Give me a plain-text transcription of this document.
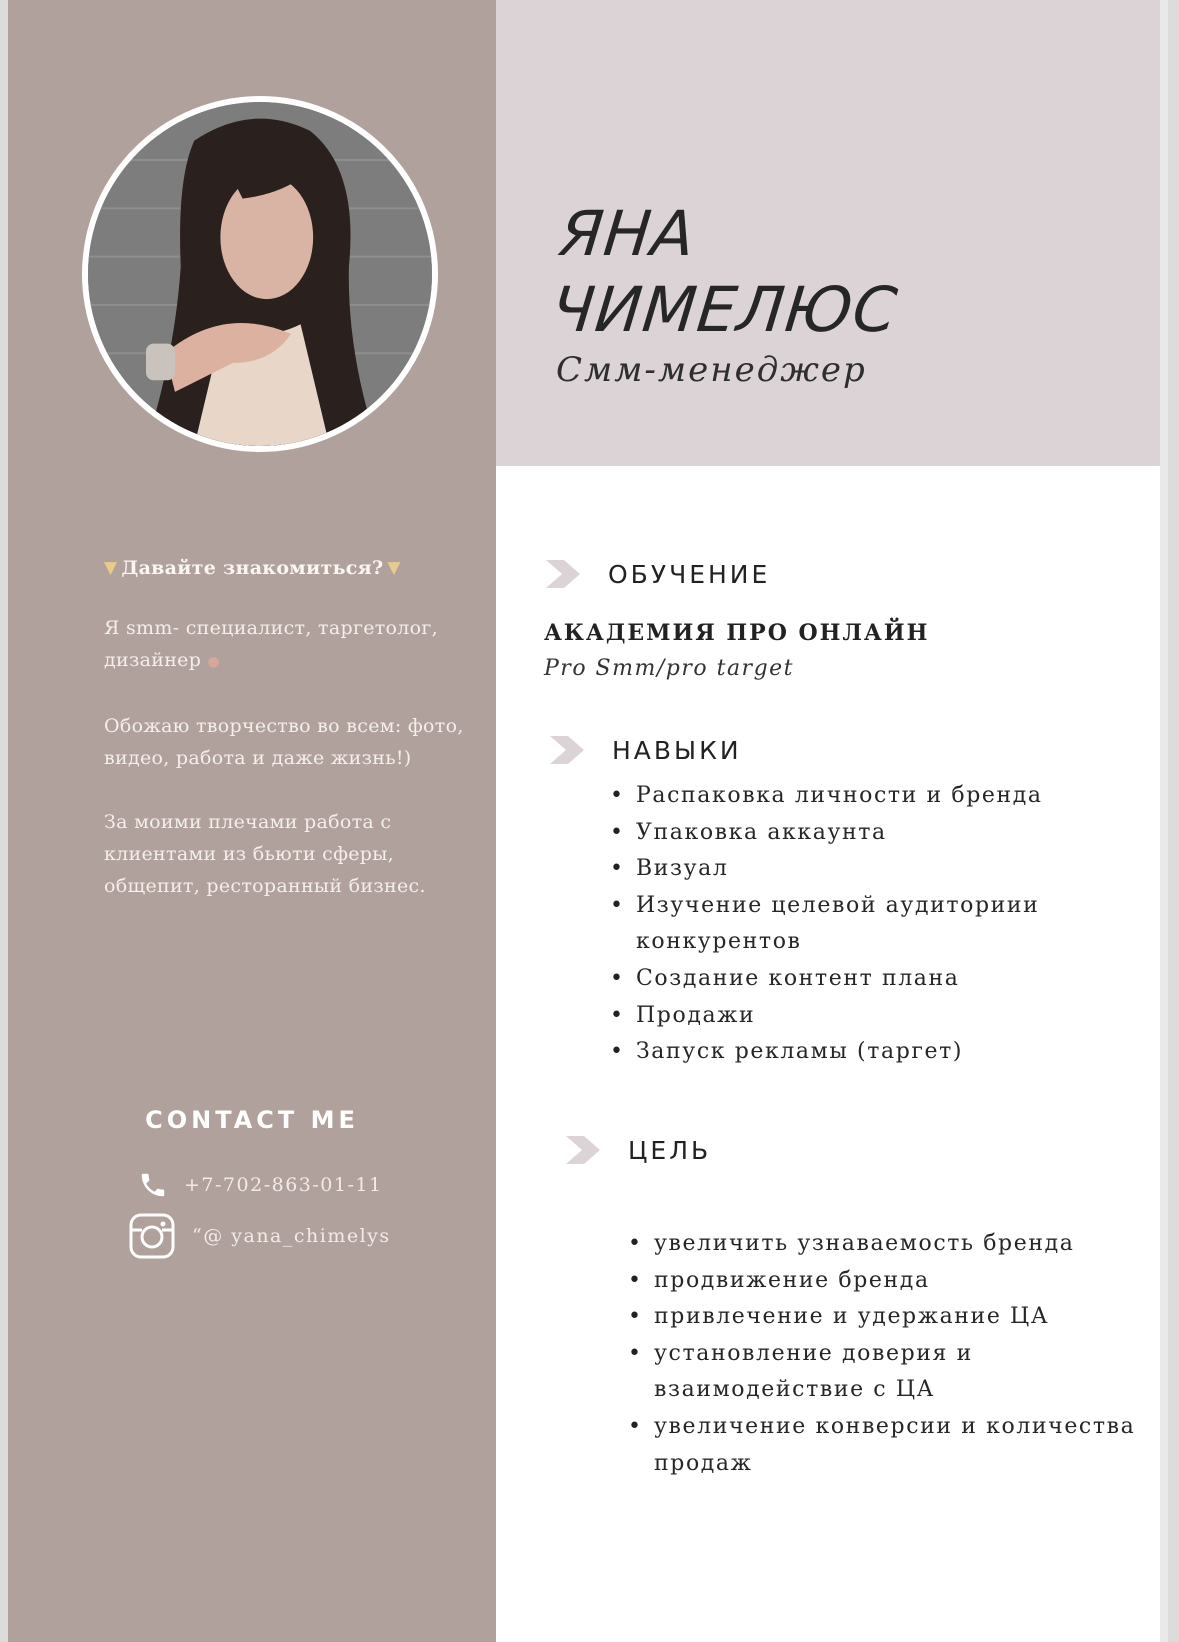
ЯНА
ЧИМЕЛЮС
Смм-менеджер
▼ Давайте знакомиться? ▼

Я smm- специалист, таргетолог, дизайнер ●

Обожаю творчество во всем: фото, видео, работа и даже жизнь!)

За моими плечами работа с клиентами из бьюти сферы, общепит, ресторанный бизнес.

CONTACT ME
+7-702-863-01-11
“@ yana_chimelys
ОБУЧЕНИЕ
АКАДЕМИЯ ПРО ОНЛАЙН
Pro Smm/pro target
НАВЫКИ
• Распаковка личности и бренда
• Упаковка аккаунта
• Визуал
• Изучение целевой аудиториии конкурентов
• Создание контент плана
• Продажи
• Запуск рекламы (таргет)
ЦЕЛЬ
• увеличить узнаваемость бренда
• продвижение бренда
• привлечение и удержание ЦА
• установление доверия и взаимодействие с ЦА
• увеличение конверсии и количества продаж
